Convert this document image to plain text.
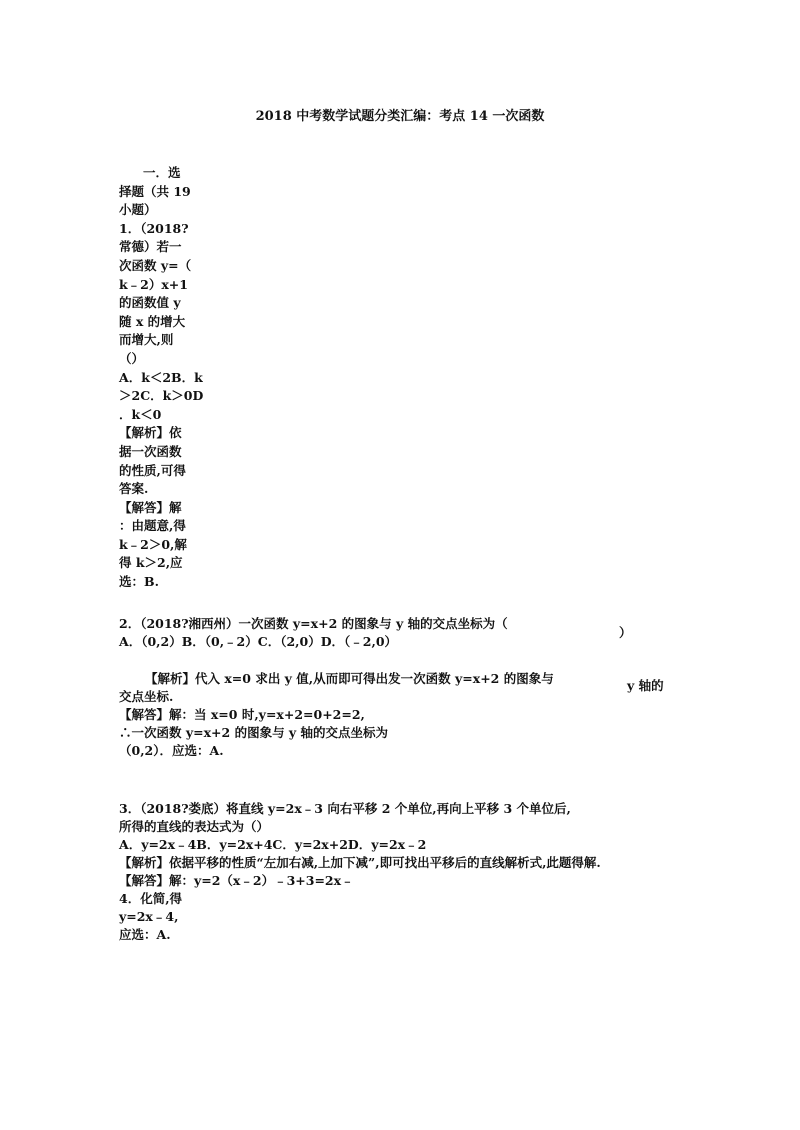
2018 中考数学试题分类汇编：考点 14 一次函数
一．选
择题（共 19
小题）
1．（2018?
常德）若一
次函数 y=（
k﹣2）x+1
的函数值 y
随 x 的增大
而增大,则
（）
A．k＜2B．k
＞2C．k＞0D
．k＜0
【解析】依
据一次函数
的性质,可得
答案.
【解答】解
：由题意,得
k﹣2＞0,解
得 k＞2,应
选：B.
2．（2018?湘西州）一次函数 y=x+2 的图象与 y 轴的交点坐标为（
）
A．（0,2）B．（0,﹣2）C．（2,0）D．（﹣2,0）
【解析】代入 x=0 求出 y 值,从而即可得出发一次函数 y=x+2 的图象与	y 轴的
交点坐标.
【解答】解：当 x=0 时,y=x+2=0+2=2,
∴一次函数 y=x+2 的图象与 y 轴的交点坐标为
（0,2）．应选：A.
3．（2018?娄底）将直线 y=2x﹣3 向右平移 2 个单位,再向上平移 3 个单位后,
所得的直线的表达式为（）
A．y=2x﹣4B．y=2x+4C．y=2x+2D．y=2x﹣2
【解析】依据平移的性质“左加右减,上加下减”,即可找出平移后的直线解析式,此题得解.
【解答】解：y=2（x﹣2）﹣3+3=2x﹣
4．化简,得
y=2x﹣4,
应选：A.
